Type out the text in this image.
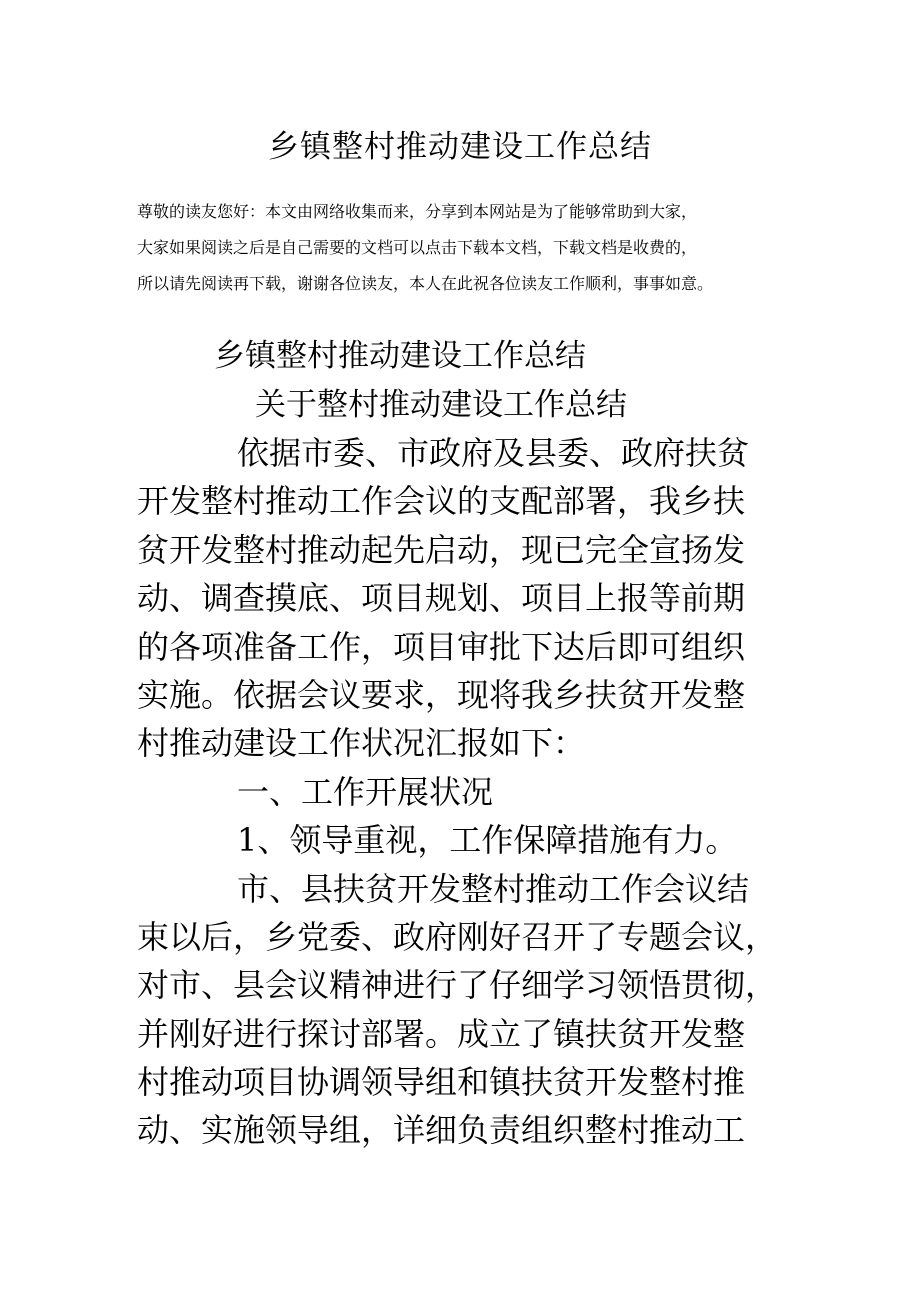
乡镇整村推动建设工作总结

尊敬的读友您好：本文由网络收集而来，分享到本网站是为了能够常助到大家，

大家如果阅读之后是自己需要的文档可以点击下载本文档，下载文档是收费的，

所以请先阅读再下载，谢谢各位读友，本人在此祝各位读友工作顺利，事事如意。

乡镇整村推动建设工作总结
关于整村推动建设工作总结

依据市委、市政府及县委、政府扶贫

开发整村推动工作会议的支配部署，我乡扶

贫开发整村推动起先启动，现已完全宣扬发

动、调查摸底、项目规划、项目上报等前期

的各项准备工作，项目审批下达后即可组织

实施。依据会议要求，现将我乡扶贫开发整

村推动建设工作状况汇报如下：

一、工作开展状况

1、领导重视，工作保障措施有力。

市、县扶贫开发整村推动工作会议结

束以后，乡党委、政府刚好召开了专题会议，

对市、县会议精神进行了仔细学习领悟贯彻，

并刚好进行探讨部署。成立了镇扶贫开发整

村推动项目协调领导组和镇扶贫开发整村推

动、实施领导组，详细负责组织整村推动工
